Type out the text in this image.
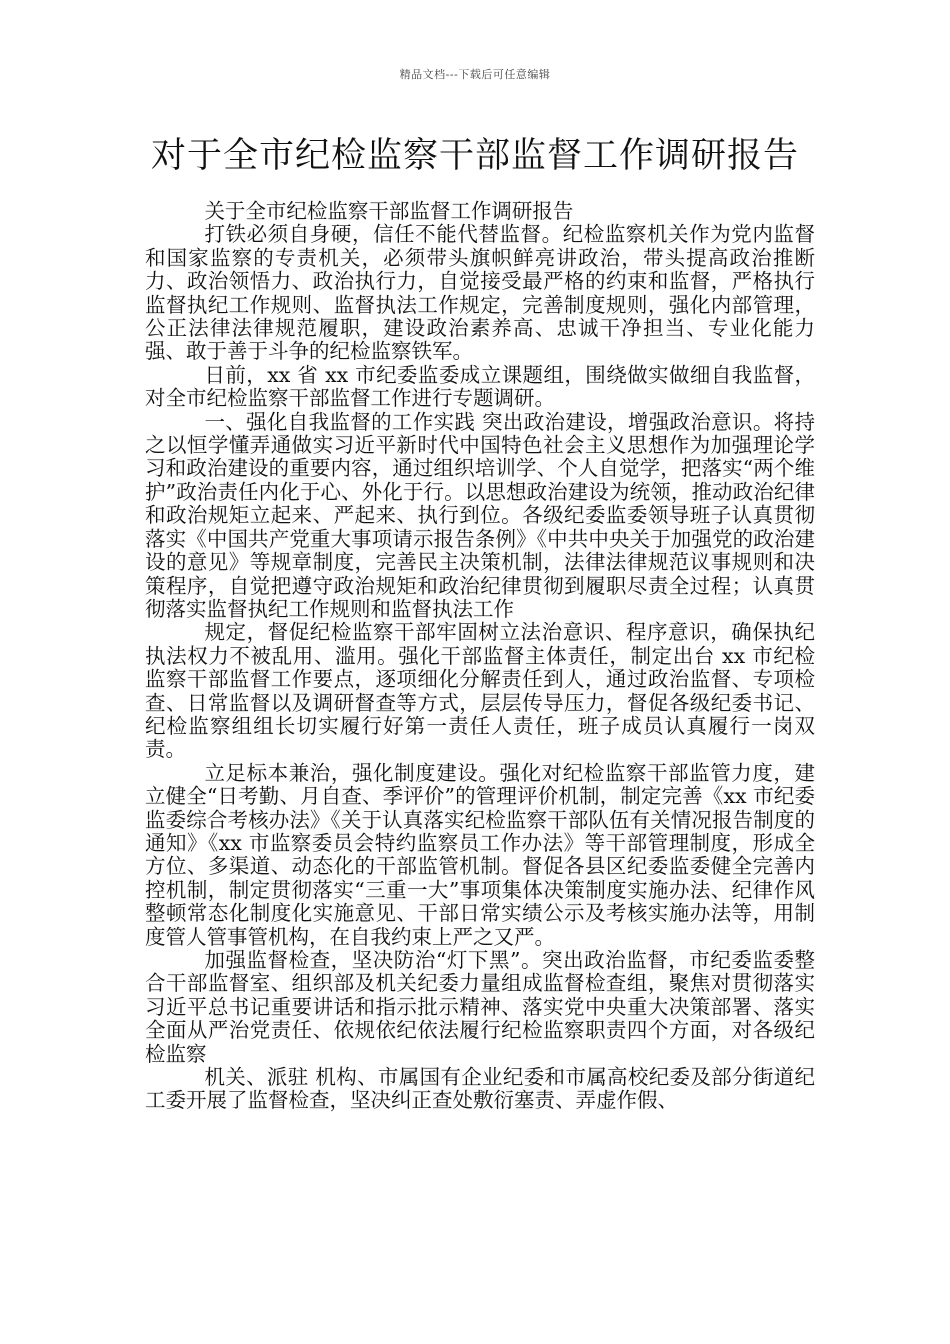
精品文档---下载后可任意编辑
对于全市纪检监察干部监督工作调研报告

关于全市纪检监察干部监督工作调研报告

打铁必须自身硬，信任不能代替监督。纪检监察机关作为党内监督和国家监察的专责机关，必须带头旗帜鲜亮讲政治，带头提高政治推断力、政治领悟力、政治执行力，自觉接受最严格的约束和监督，严格执行监督执纪工作规则、监督执法工作规定，完善制度规则，强化内部管理，公正法律法律规范履职，建设政治素养高、忠诚干净担当、专业化能力强、敢于善于斗争的纪检监察铁军。

日前，xx 省 xx 市纪委监委成立课题组，围绕做实做细自我监督，对全市纪检监察干部监督工作进行专题调研。

一、强化自我监督的工作实践 突出政治建设，增强政治意识。将持之以恒学懂弄通做实习近平新时代中国特色社会主义思想作为加强理论学习和政治建设的重要内容，通过组织培训学、个人自觉学，把落实“两个维护”政治责任内化于心、外化于行。以思想政治建设为统领，推动政治纪律和政治规矩立起来、严起来、执行到位。各级纪委监委领导班子认真贯彻落实《中国共产党重大事项请示报告条例》《中共中央关于加强党的政治建设的意见》等规章制度，完善民主决策机制，法律法律规范议事规则和决策程序，自觉把遵守政治规矩和政治纪律贯彻到履职尽责全过程；认真贯彻落实监督执纪工作规则和监督执法工作

规定，督促纪检监察干部牢固树立法治意识、程序意识，确保执纪执法权力不被乱用、滥用。强化干部监督主体责任，制定出台 xx 市纪检监察干部监督工作要点，逐项细化分解责任到人，通过政治监督、专项检查、日常监督以及调研督查等方式，层层传导压力，督促各级纪委书记、纪检监察组组长切实履行好第一责任人责任，班子成员认真履行一岗双责。

立足标本兼治，强化制度建设。强化对纪检监察干部监管力度，建立健全“日考勤、月自查、季评价”的管理评价机制，制定完善《xx 市纪委监委综合考核办法》《关于认真落实纪检监察干部队伍有关情况报告制度的通知》《xx 市监察委员会特约监察员工作办法》等干部管理制度，形成全方位、多渠道、动态化的干部监管机制。督促各县区纪委监委健全完善内控机制，制定贯彻落实“三重一大”事项集体决策制度实施办法、纪律作风整顿常态化制度化实施意见、干部日常实绩公示及考核实施办法等，用制度管人管事管机构，在自我约束上严之又严。

加强监督检查，坚决防治“灯下黑”。突出政治监督，市纪委监委整合干部监督室、组织部及机关纪委力量组成监督检查组，聚焦对贯彻落实习近平总书记重要讲话和指示批示精神、落实党中央重大决策部署、落实全面从严治党责任、依规依纪依法履行纪检监察职责四个方面，对各级纪检监察

机关、派驻 机构、市属国有企业纪委和市属高校纪委及部分街道纪工委开展了监督检查，坚决纠正查处敷衍塞责、弄虚作假、
